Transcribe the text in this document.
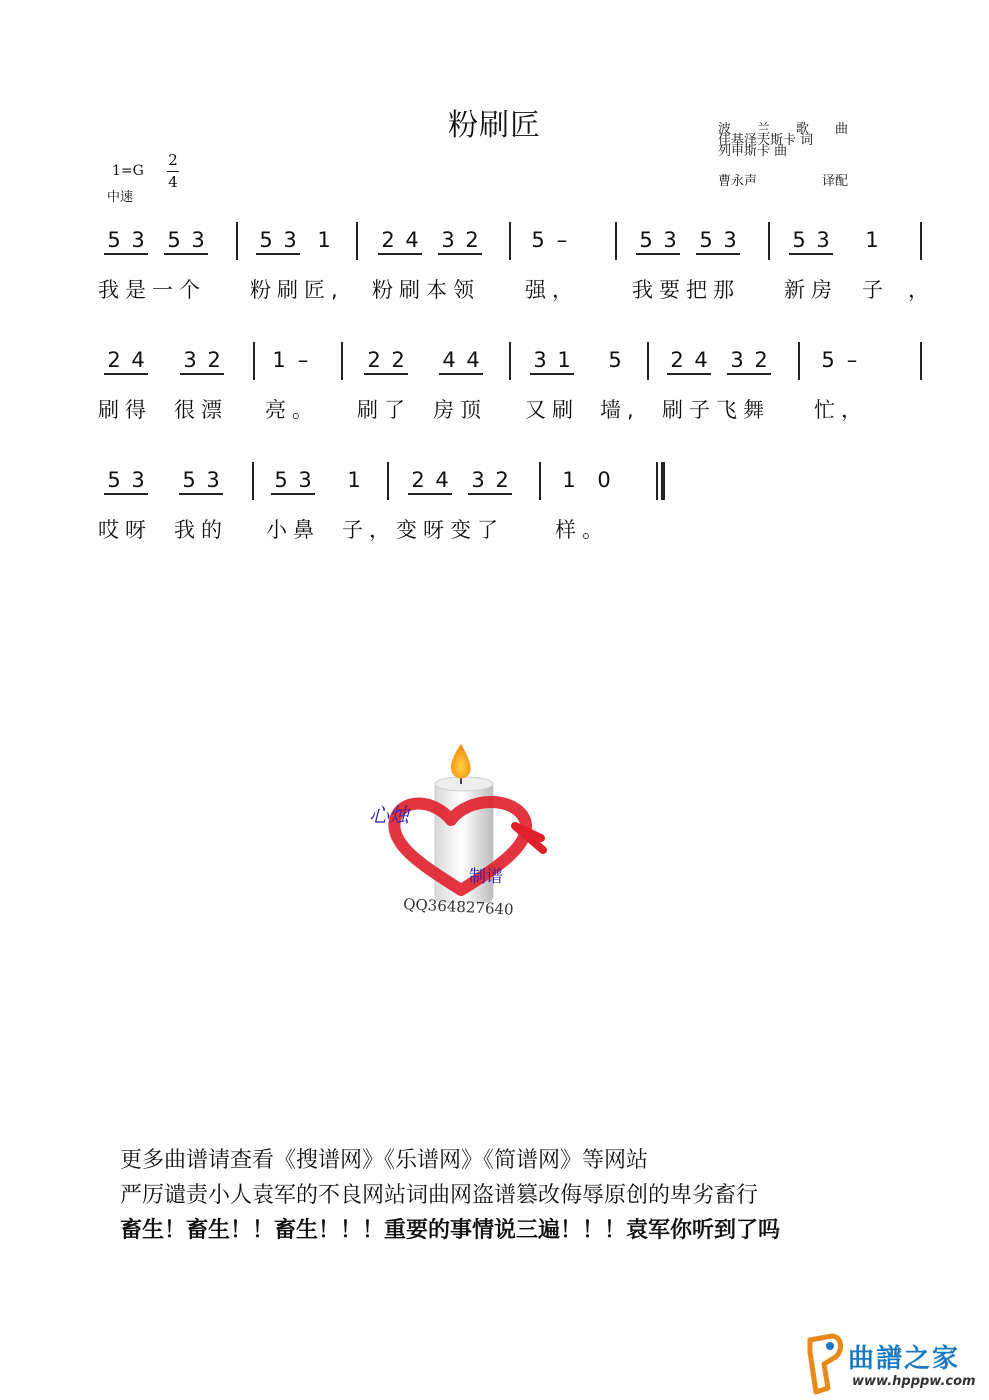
粉刷匠	波 兰 歌 曲
佳基泽夫斯卡 词
列申斯卡 曲
曹永声	译配
1=G
中速
2
4
5 3 5 3	5 3 1 2 4 3 2	5 –	5 3 5 3	5 3 1
我是一个 粉刷匠, 粉刷本领 强，	我要把那 新房 子 ，
2 4 3 2 1 –	2 2 4 4	3 1 5 2 4 3 2	5 –
刷得 很漂 亮。 刷了 房顶 又刷 墙, 刷子飞舞 忙，
5 3 5 3	5 3 1 2 4 3 2	1 0
哎呀 我的 小鼻 子，变呀变了 样。
心烛
制谱
QQ364827640
更多曲谱请查看《搜谱网》《乐谱网》《简谱网》等网站
严厉谴责小人袁军的不良网站词曲网盗谱篡改侮辱原创的卑劣畜行
畜生！畜生！！畜生！！！重要的事情说三遍！！！袁军你听到了吗
曲譜之家
www.hpppw.com
